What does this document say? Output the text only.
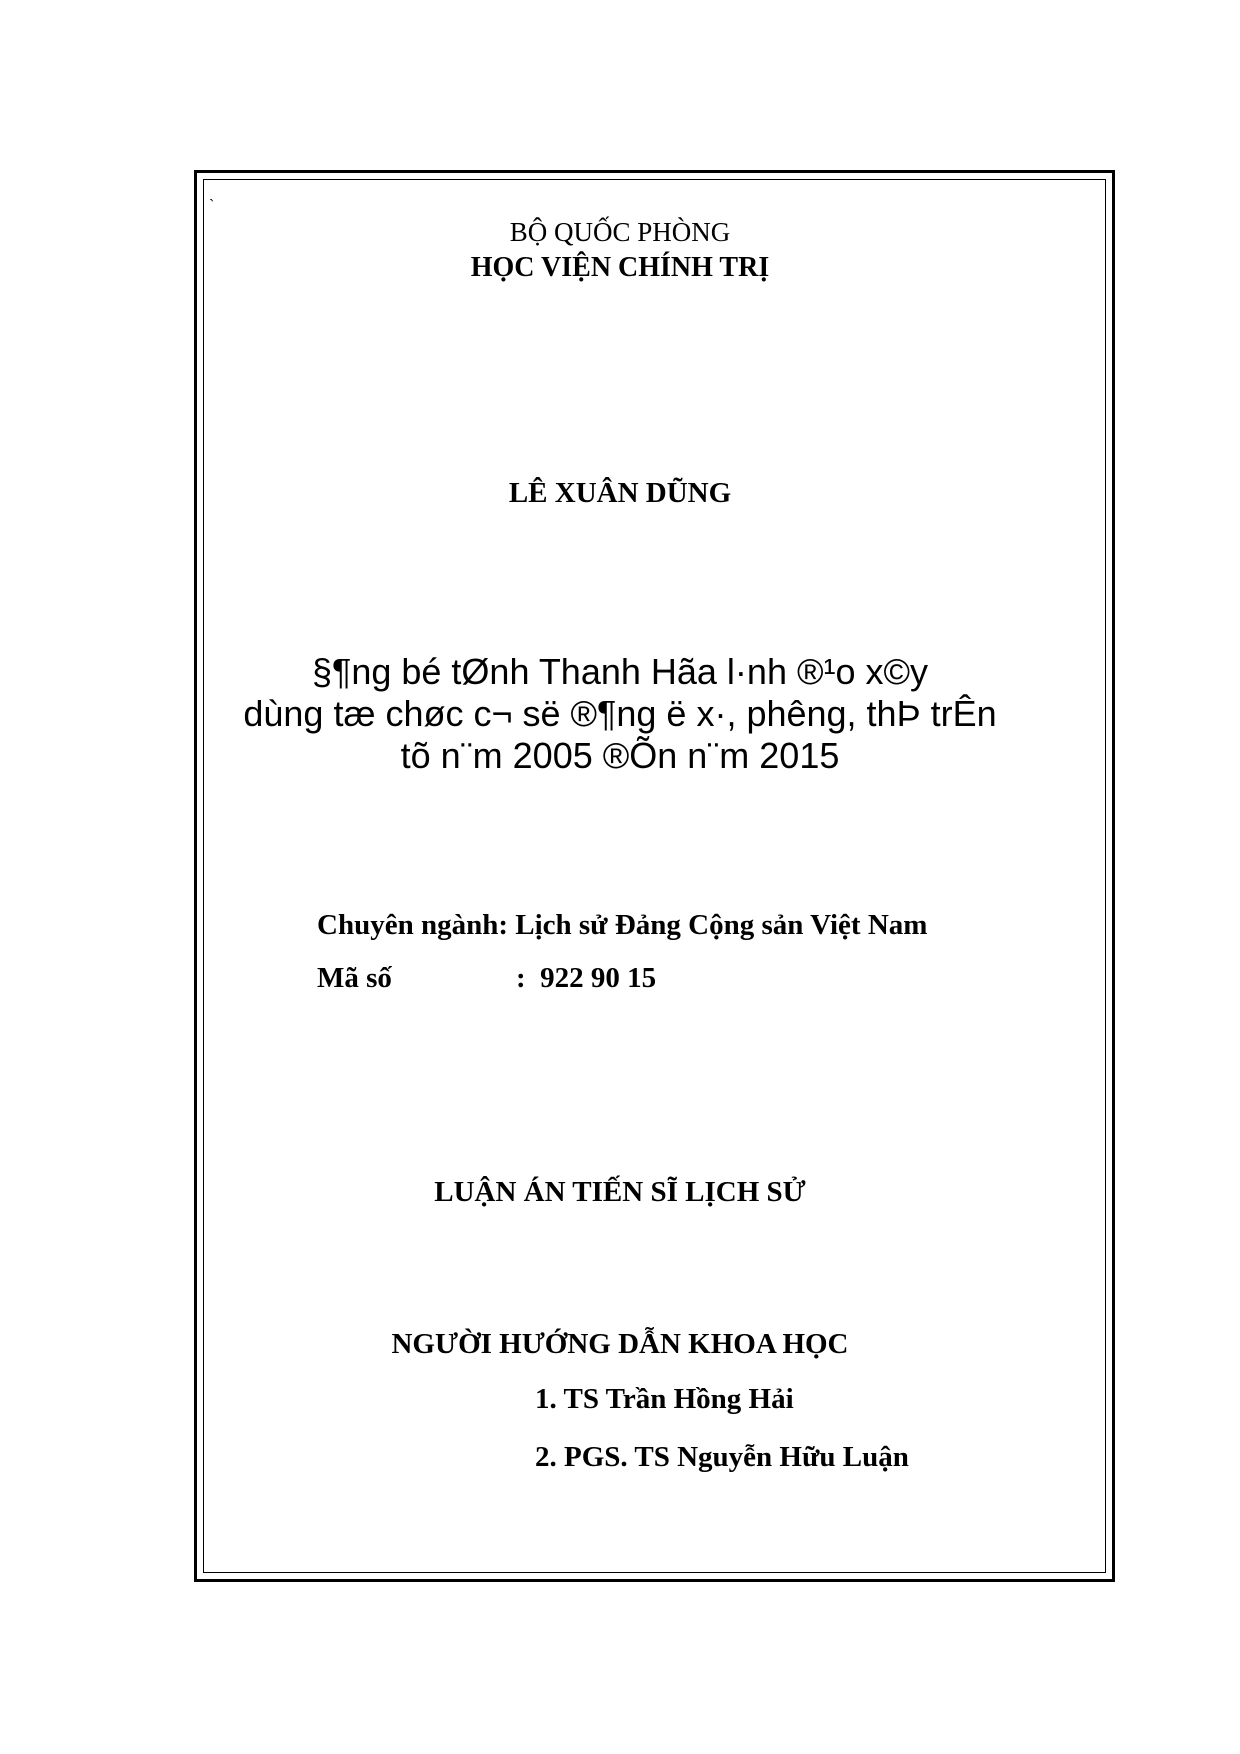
`
BỘ QUỐC PHÒNG
HỌC VIỆN CHÍNH TRỊ
LÊ XUÂN DŨNG
§¶ng bé tØnh Thanh Hãa l·nh ®¹o x©y
dùng tæ chøc c¬ së ®¶ng ë x·, phêng, thÞ trÊn
tõ n¨m 2005 ®Õn n¨m 2015
Chuyên ngành: Lịch sử Đảng Cộng sản Việt Nam
Mã số	: 922 90 15
LUẬN ÁN TIẾN SĨ LỊCH SỬ
NGƯỜI HƯỚNG DẪN KHOA HỌC
1. TS Trần Hồng Hải
2. PGS. TS Nguyễn Hữu Luận
